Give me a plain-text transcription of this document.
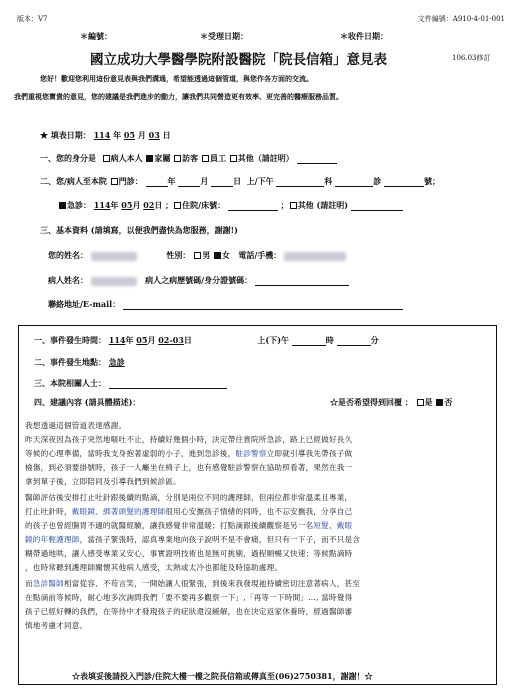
版本：V7	文件編號：A910-4-01-001
＊編號：	＊受理日期：	＊收件日期：
國立成功大學醫學院附設醫院「院長信箱」意見表	106.03修訂
您好！歡迎您利用這份意見表與我們溝通，希望能透過這個管道，與您作各方面的交流。
我們重視您寶貴的意見，您的建議是我們進步的動力，讓我們共同營造更有效率、更完善的醫療服務品質。
★ 填表日期： 114 年 05 月 03 日
一、您的身分是 病人本人 家屬 訪客 員工 其他（請註明）
二、您/病人至本院 門診：	年	月	日 上/下午	科	診	號；
急診： 114年 05月 02日 ； 住院/床號：	； 其他 (請註明)
三、基本資料 (請填寫，以便我們盡快為您服務，謝謝!)
您的姓名：	性別： 男 女 電話/手機：
病人姓名：	病人之病歷號碼/身分證號碼：
聯絡地址/E-mail：
一、事件發生時間： 114年 05月 02-03日	上(下)午	時	分
二、事件發生地點： 急診
三、本院相關人士：
四、建議內容 (請具體描述)：	☆是否希望得到回覆 ： 是 否
我想透過這個管道表達感謝。
昨天深夜因為孩子突然地嘔吐不止，持續好幾個小時，決定帶往貴院所急診，路上已經做好長久
等候的心理準備，當時我支身抱著虛弱的小子，進到急診後，駐診警察立即就引導我先帶孩子做
檢傷，到必須要掛號時，孩子一人癱坐在椅子上，也有感覺駐診警察在協助照看著，果然在我一
拿到單子後，立即陪同及引導我們到候診區。
醫師評估後安排打止吐針跟後續的點滴，分別是兩位不同的護理師，但兩位都非常溫柔且專業，
打止吐針時，戴眼鏡、綁著頭髮的護理師很用心安撫孩子情緒的同時，也不忘安撫我，分享自己
的孩子也曾經腸胃不適的就醫經驗，讓我感覺非常溫暖；打點滴跟後續觀察是另一名短髮、戴眼
鏡的年輕護理師，當孩子緊張時，認真專業地向孩子說明不是不會痛，但只有一下子，而不只是含
糊帶過地哄，讓人感受專業又安心，事實證明技術也是無可挑剔，過程順暢又快速；等候點滴時
，也時常聽到護理師關懷其他病人感受，太熱或太冷也都能及時協助處理。
而急診醫師相當從容、不苟言笑，一開始讓人很緊張，到後來我發現祂持續密切注意著病人，甚至
在點滴前等候時，耐心地多次詢問我們「要不要再多觀察一下」,「再等一下時間」..., 當時覺得
孩子已經好轉的我們，在等待中才發現孩子的症狀還沒緩解，也在決定返家休養時，經過醫師審
慎地考慮才同意。
☆表填妥後請投入門診/住院大樓一樓之院長信箱或傳真至(06)2750381，謝謝！☆
